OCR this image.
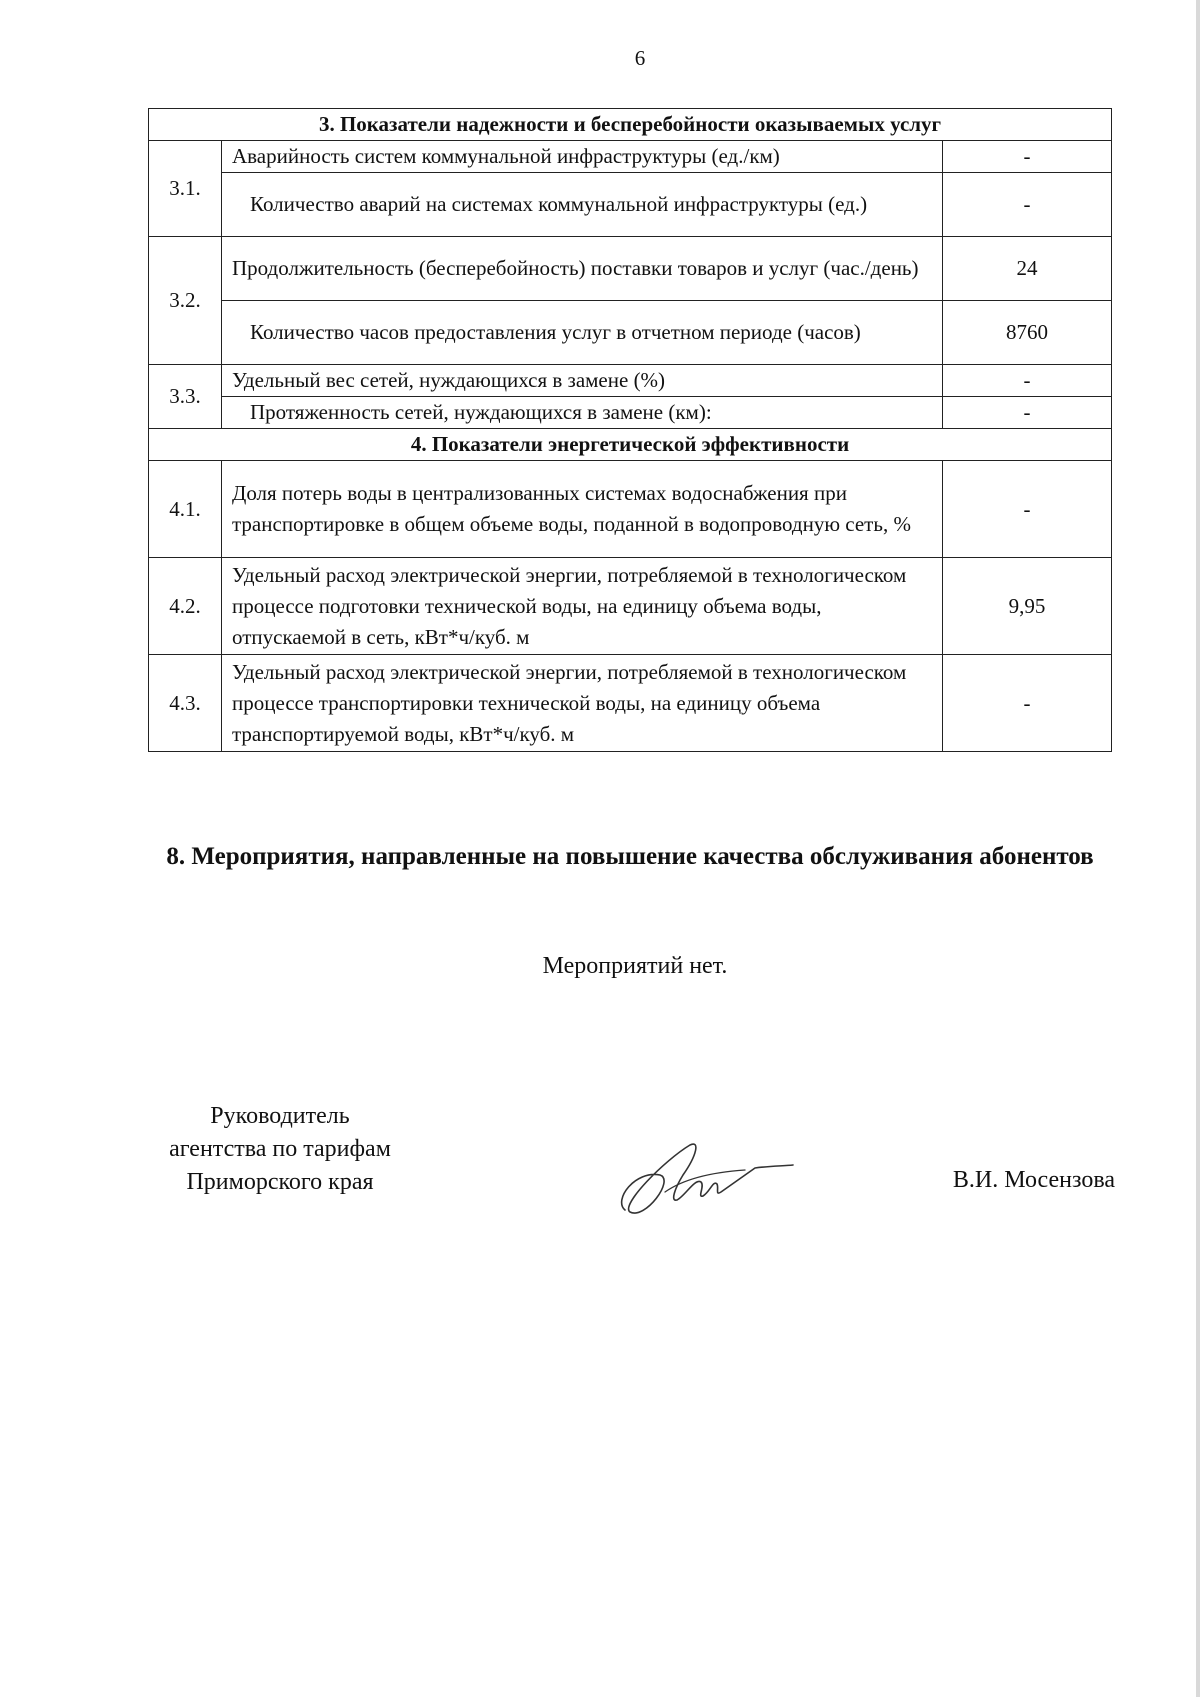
6
3. Показатели надежности и бесперебойности оказываемых услуг		
3.1.	Аварийность систем коммунальной инфраструктуры (ед./км)	-
	Количество аварий на системах коммунальной инфраструктуры (ед.)	-
3.2.	Продолжительность (бесперебойность) поставки товаров и услуг (час./день)	24
	Количество часов предоставления услуг в отчетном периоде (часов)	8760
3.3.	Удельный вес сетей, нуждающихся в замене (%)	-
	Протяженность сетей, нуждающихся в замене (км):	-
4. Показатели энергетической эффективности		
4.1.	Доля потерь воды в централизованных системах водоснабжения при транспортировке в общем объеме воды, поданной в водопроводную сеть, %	-
4.2.	Удельный расход электрической энергии, потребляемой в технологическом процессе подготовки технической воды, на единицу объема воды, отпускаемой в сеть, кВт*ч/куб. м	9,95
4.3.	Удельный расход электрической энергии, потребляемой в технологическом процессе транспортировки технической воды, на единицу объема транспортируемой воды, кВт*ч/куб. м	-
8. Мероприятия, направленные на повышение качества обслуживания абонентов
Мероприятий нет.
Руководитель
агентства по тарифам
Приморского края	В.И. Мосензова
